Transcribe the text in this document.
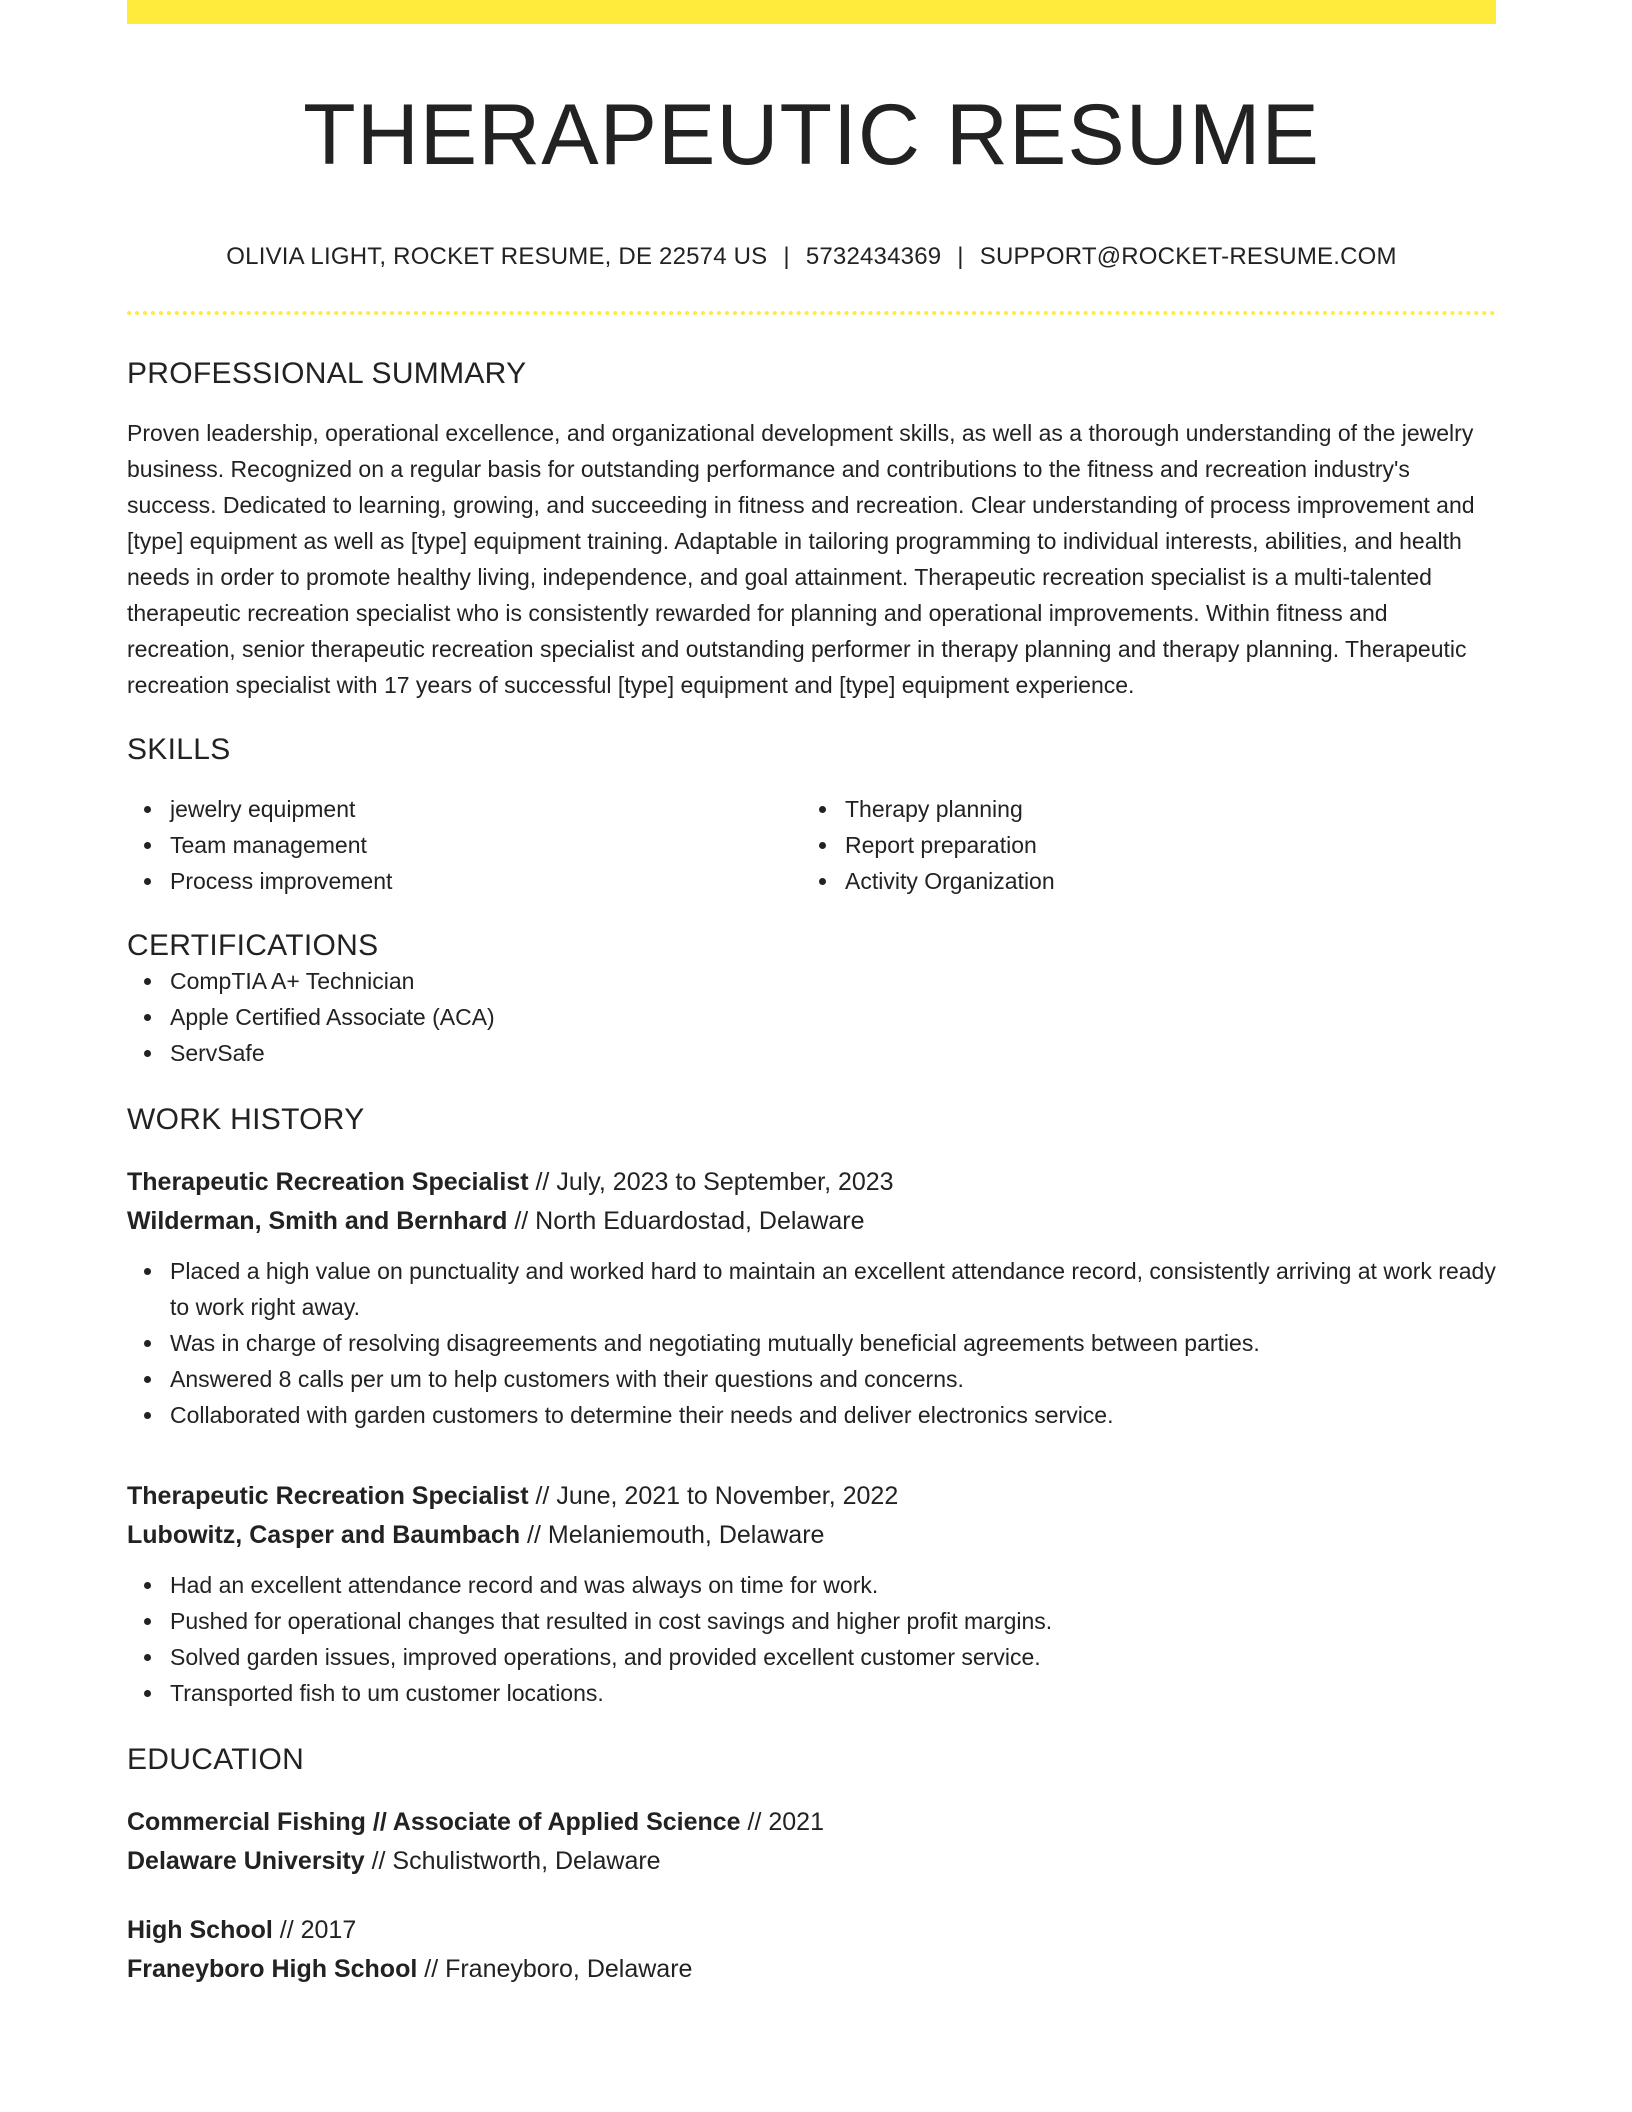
THERAPEUTIC RESUME
OLIVIA LIGHT, ROCKET RESUME, DE 22574 US | 5732434369 | SUPPORT@ROCKET-RESUME.COM
PROFESSIONAL SUMMARY
Proven leadership, operational excellence, and organizational development skills, as well as a thorough understanding of the jewelry business. Recognized on a regular basis for outstanding performance and contributions to the fitness and recreation industry's success. Dedicated to learning, growing, and succeeding in fitness and recreation. Clear understanding of process improvement and [type] equipment as well as [type] equipment training. Adaptable in tailoring programming to individual interests, abilities, and health needs in order to promote healthy living, independence, and goal attainment. Therapeutic recreation specialist is a multi-talented therapeutic recreation specialist who is consistently rewarded for planning and operational improvements. Within fitness and recreation, senior therapeutic recreation specialist and outstanding performer in therapy planning and therapy planning. Therapeutic recreation specialist with 17 years of successful [type] equipment and [type] equipment experience.
SKILLS
jewelry equipment
Team management
Process improvement
Therapy planning
Report preparation
Activity Organization
CERTIFICATIONS
CompTIA A+ Technician
Apple Certified Associate (ACA)
ServSafe
WORK HISTORY
Therapeutic Recreation Specialist // July, 2023 to September, 2023
Wilderman, Smith and Bernhard // North Eduardostad, Delaware
Placed a high value on punctuality and worked hard to maintain an excellent attendance record, consistently arriving at work ready to work right away.
Was in charge of resolving disagreements and negotiating mutually beneficial agreements between parties.
Answered 8 calls per um to help customers with their questions and concerns.
Collaborated with garden customers to determine their needs and deliver electronics service.
Therapeutic Recreation Specialist // June, 2021 to November, 2022
Lubowitz, Casper and Baumbach // Melaniemouth, Delaware
Had an excellent attendance record and was always on time for work.
Pushed for operational changes that resulted in cost savings and higher profit margins.
Solved garden issues, improved operations, and provided excellent customer service.
Transported fish to um customer locations.
EDUCATION
Commercial Fishing // Associate of Applied Science // 2021
Delaware University // Schulistworth, Delaware
High School // 2017
Franeyboro High School // Franeyboro, Delaware
